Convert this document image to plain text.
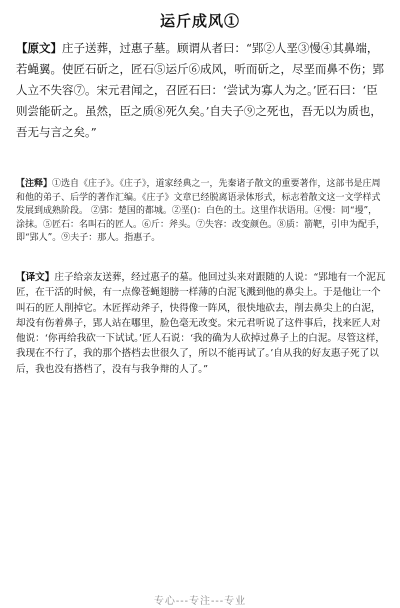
运斤成风①
【原文】庄子送葬，过惠子墓。顾谓从者曰：“郢②人垩③慢④其鼻端，若蝇翼。使匠石斫之，匠石⑤运斤⑥成风，听而斫之，尽垩而鼻不伤；郢人立不失容⑦。宋元君闻之，召匠石曰：‘尝试为寡人为之。’匠石曰：‘臣则尝能斫之。虽然，臣之质⑧死久矣。’自夫子⑨之死也，吾无以为质也，吾无与言之矣。”
【注释】①选自《庄子》。《庄子》，道家经典之一，先秦诸子散文的重要著作，这部书是庄周和他的弟子、后学的著作汇编。《庄子》文章已经脱离语录体形式，标志着散文这一文学样式发展到成熟阶段。 ②郢：楚国的都城。②垩()：白色的土。这里作状语用。④慢：同“墁”，涂抹。⑤匠石：名叫石的匠人。⑥斤：斧头。⑦失容：改变颜色。⑧质：箭靶，引申为配手，即“郢人”。⑨夫子：那人。指惠子。
【译文】庄子给亲友送葬，经过惠子的墓。他回过头来对跟随的人说：“郢地有一个泥瓦匠，在干活的时候，有一点像苍蝇翅膀一样薄的白泥飞溅到他的鼻尖上。于是他让一个叫石的匠人削掉它。木匠挥动斧子，快得像一阵风，很快地砍去，削去鼻尖上的白泥，却没有伤着鼻子，郢人站在哪里，脸色毫无改变。宋元君听说了这件事后，找来匠人对他说：‘你再给我砍一下试试。’匠人石说：‘我的确为人砍掉过鼻子上的白泥。尽管这样，我现在不行了，我的那个搭档去世很久了，所以不能再试了。’自从我的好友惠子死了以后，我也没有搭档了，没有与我争辩的人了。”
专心---专注---专业
